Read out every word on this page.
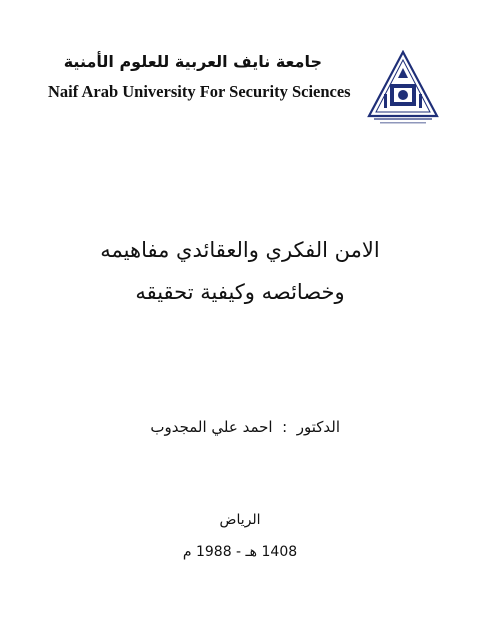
جامعة نايف العربية للعلوم الأمنية
Naif Arab University For Security Sciences
الامن الفكري والعقائدي مفاهيمه
وخصائصه وكيفية تحقيقه
الدكتور  :  احمد علي المجدوب
الرياض
1408 هـ - 1988 م
